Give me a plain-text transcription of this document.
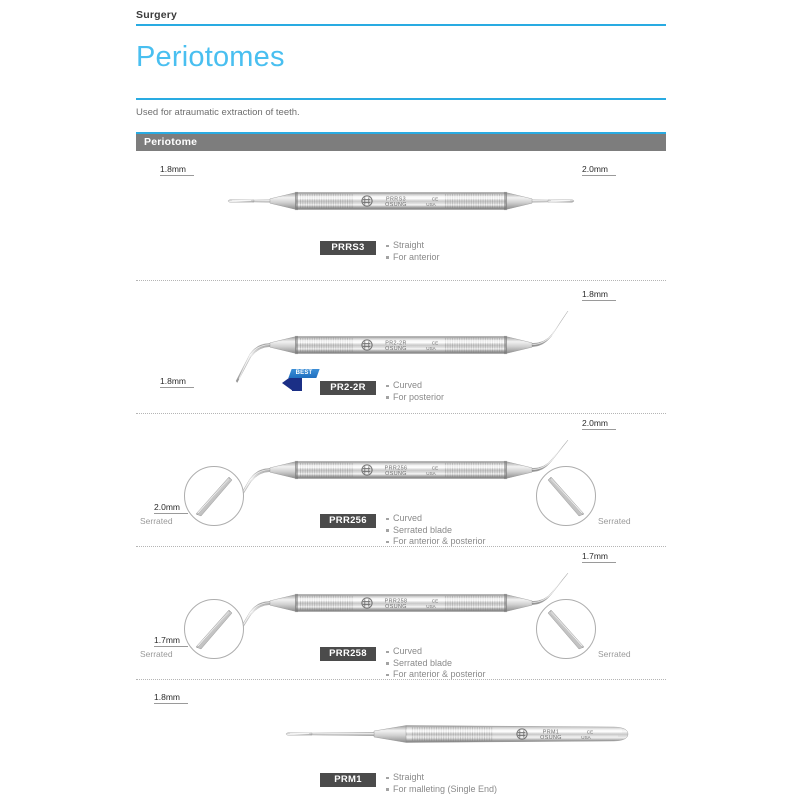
Surgery
Periotomes
Used for atraumatic extraction of teeth.
Periotome
PRRS3
OSUNG
CE
USA
1.8mm	2.0mm
PRRS3	Straight
For anterior
PR2-2R
OSUNG
CE
USA
1.8mm
1.8mm
BEST
PR2-2R	Curved
For posterior
PRR256
OSUNG
CE
USA
2.0mm
2.0mm
Serrated	Serrated
PRR256	Curved
Serrated blade
For anterior & posterior
PRR258
OSUNG
CE
USA
1.7mm
1.7mm
Serrated	Serrated
PRR258	Curved
Serrated blade
For anterior & posterior
PRM1
OSUNG
CE
USA
1.8mm
PRM1	Straight
For malleting (Single End)
